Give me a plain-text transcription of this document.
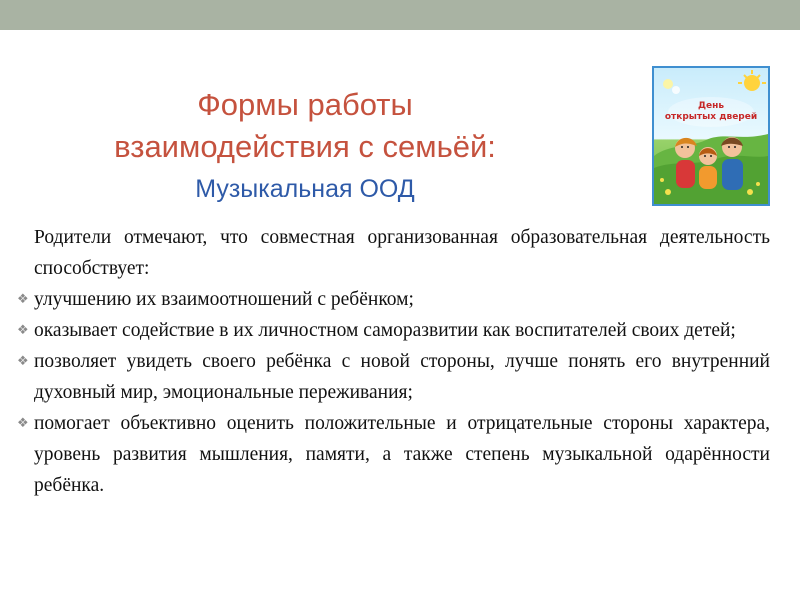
Формы работы
взаимодействия с семьёй:
Музыкальная ООД
День
открытых дверей

Родители отмечают, что совместная организованная образовательная деятельность способствует:

❖ улучшению их взаимоотношений с ребёнком;
❖ оказывает содействие в их личностном саморазвитии как воспитателей своих детей;
❖ позволяет увидеть своего ребёнка с новой стороны, лучше понять его внутренний духовный мир, эмоциональные переживания;
❖ помогает объективно оценить положительные и отрицательные стороны характера, уровень развития мышления, памяти, а также степень музыкальной одарённости ребёнка.
